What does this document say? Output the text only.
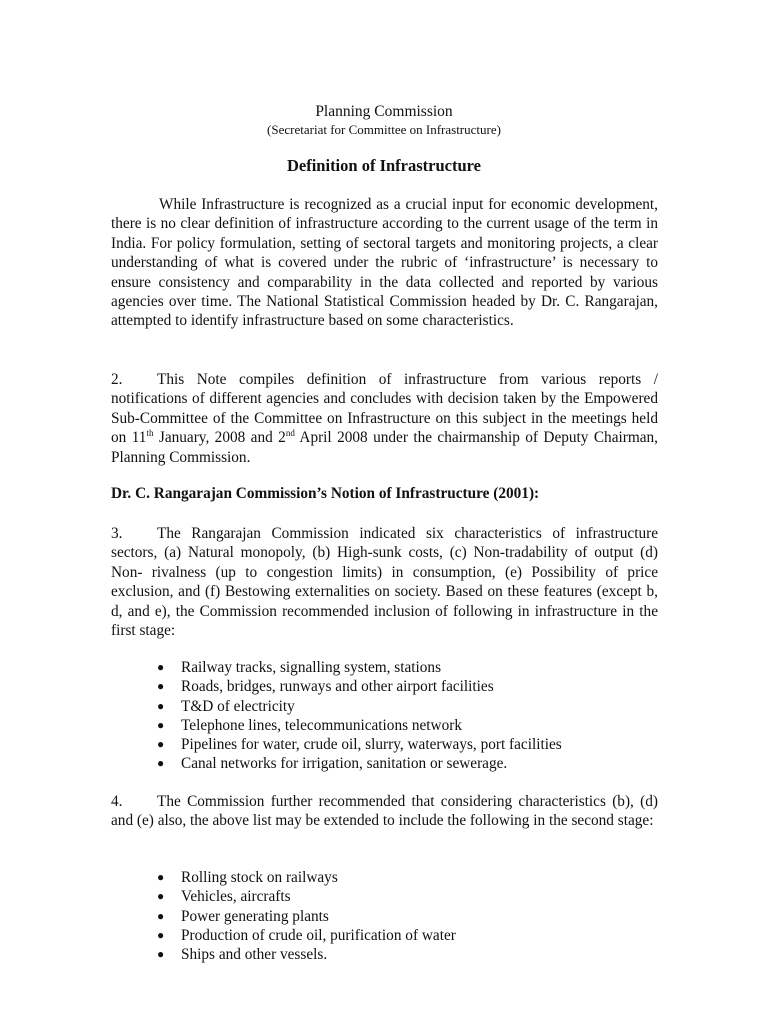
Planning Commission
(Secretariat for Committee on Infrastructure)
Definition of Infrastructure

While Infrastructure is recognized as a crucial input for economic development, there is no clear definition of infrastructure according to the current usage of the term in India. For policy formulation, setting of sectoral targets and monitoring projects, a clear understanding of what is covered under the rubric of ‘infrastructure’ is necessary to ensure consistency and comparability in the data collected and reported by various agencies over time. The National Statistical Commission headed by Dr. C. Rangarajan, attempted to identify infrastructure based on some characteristics.

2. This Note compiles definition of infrastructure from various reports / notifications of different agencies and concludes with decision taken by the Empowered Sub-Committee of the Committee on Infrastructure on this subject in the meetings held on 11th January, 2008 and 2nd April 2008 under the chairmanship of Deputy Chairman, Planning Commission.

Dr. C. Rangarajan Commission’s Notion of Infrastructure (2001):

3. The Rangarajan Commission indicated six characteristics of infrastructure sectors, (a) Natural monopoly, (b) High-sunk costs, (c) Non-tradability of output (d) Non- rivalness (up to congestion limits) in consumption, (e) Possibility of price exclusion, and (f) Bestowing externalities on society. Based on these features (except b, d, and e), the Commission recommended inclusion of following in infrastructure in the first stage:

● Railway tracks, signalling system, stations
● Roads, bridges, runways and other airport facilities
● T&D of electricity
● Telephone lines, telecommunications network
● Pipelines for water, crude oil, slurry, waterways, port facilities
● Canal networks for irrigation, sanitation or sewerage.

4. The Commission further recommended that considering characteristics (b), (d) and (e) also, the above list may be extended to include the following in the second stage:

● Rolling stock on railways
● Vehicles, aircrafts
● Power generating plants
● Production of crude oil, purification of water
● Ships and other vessels.
